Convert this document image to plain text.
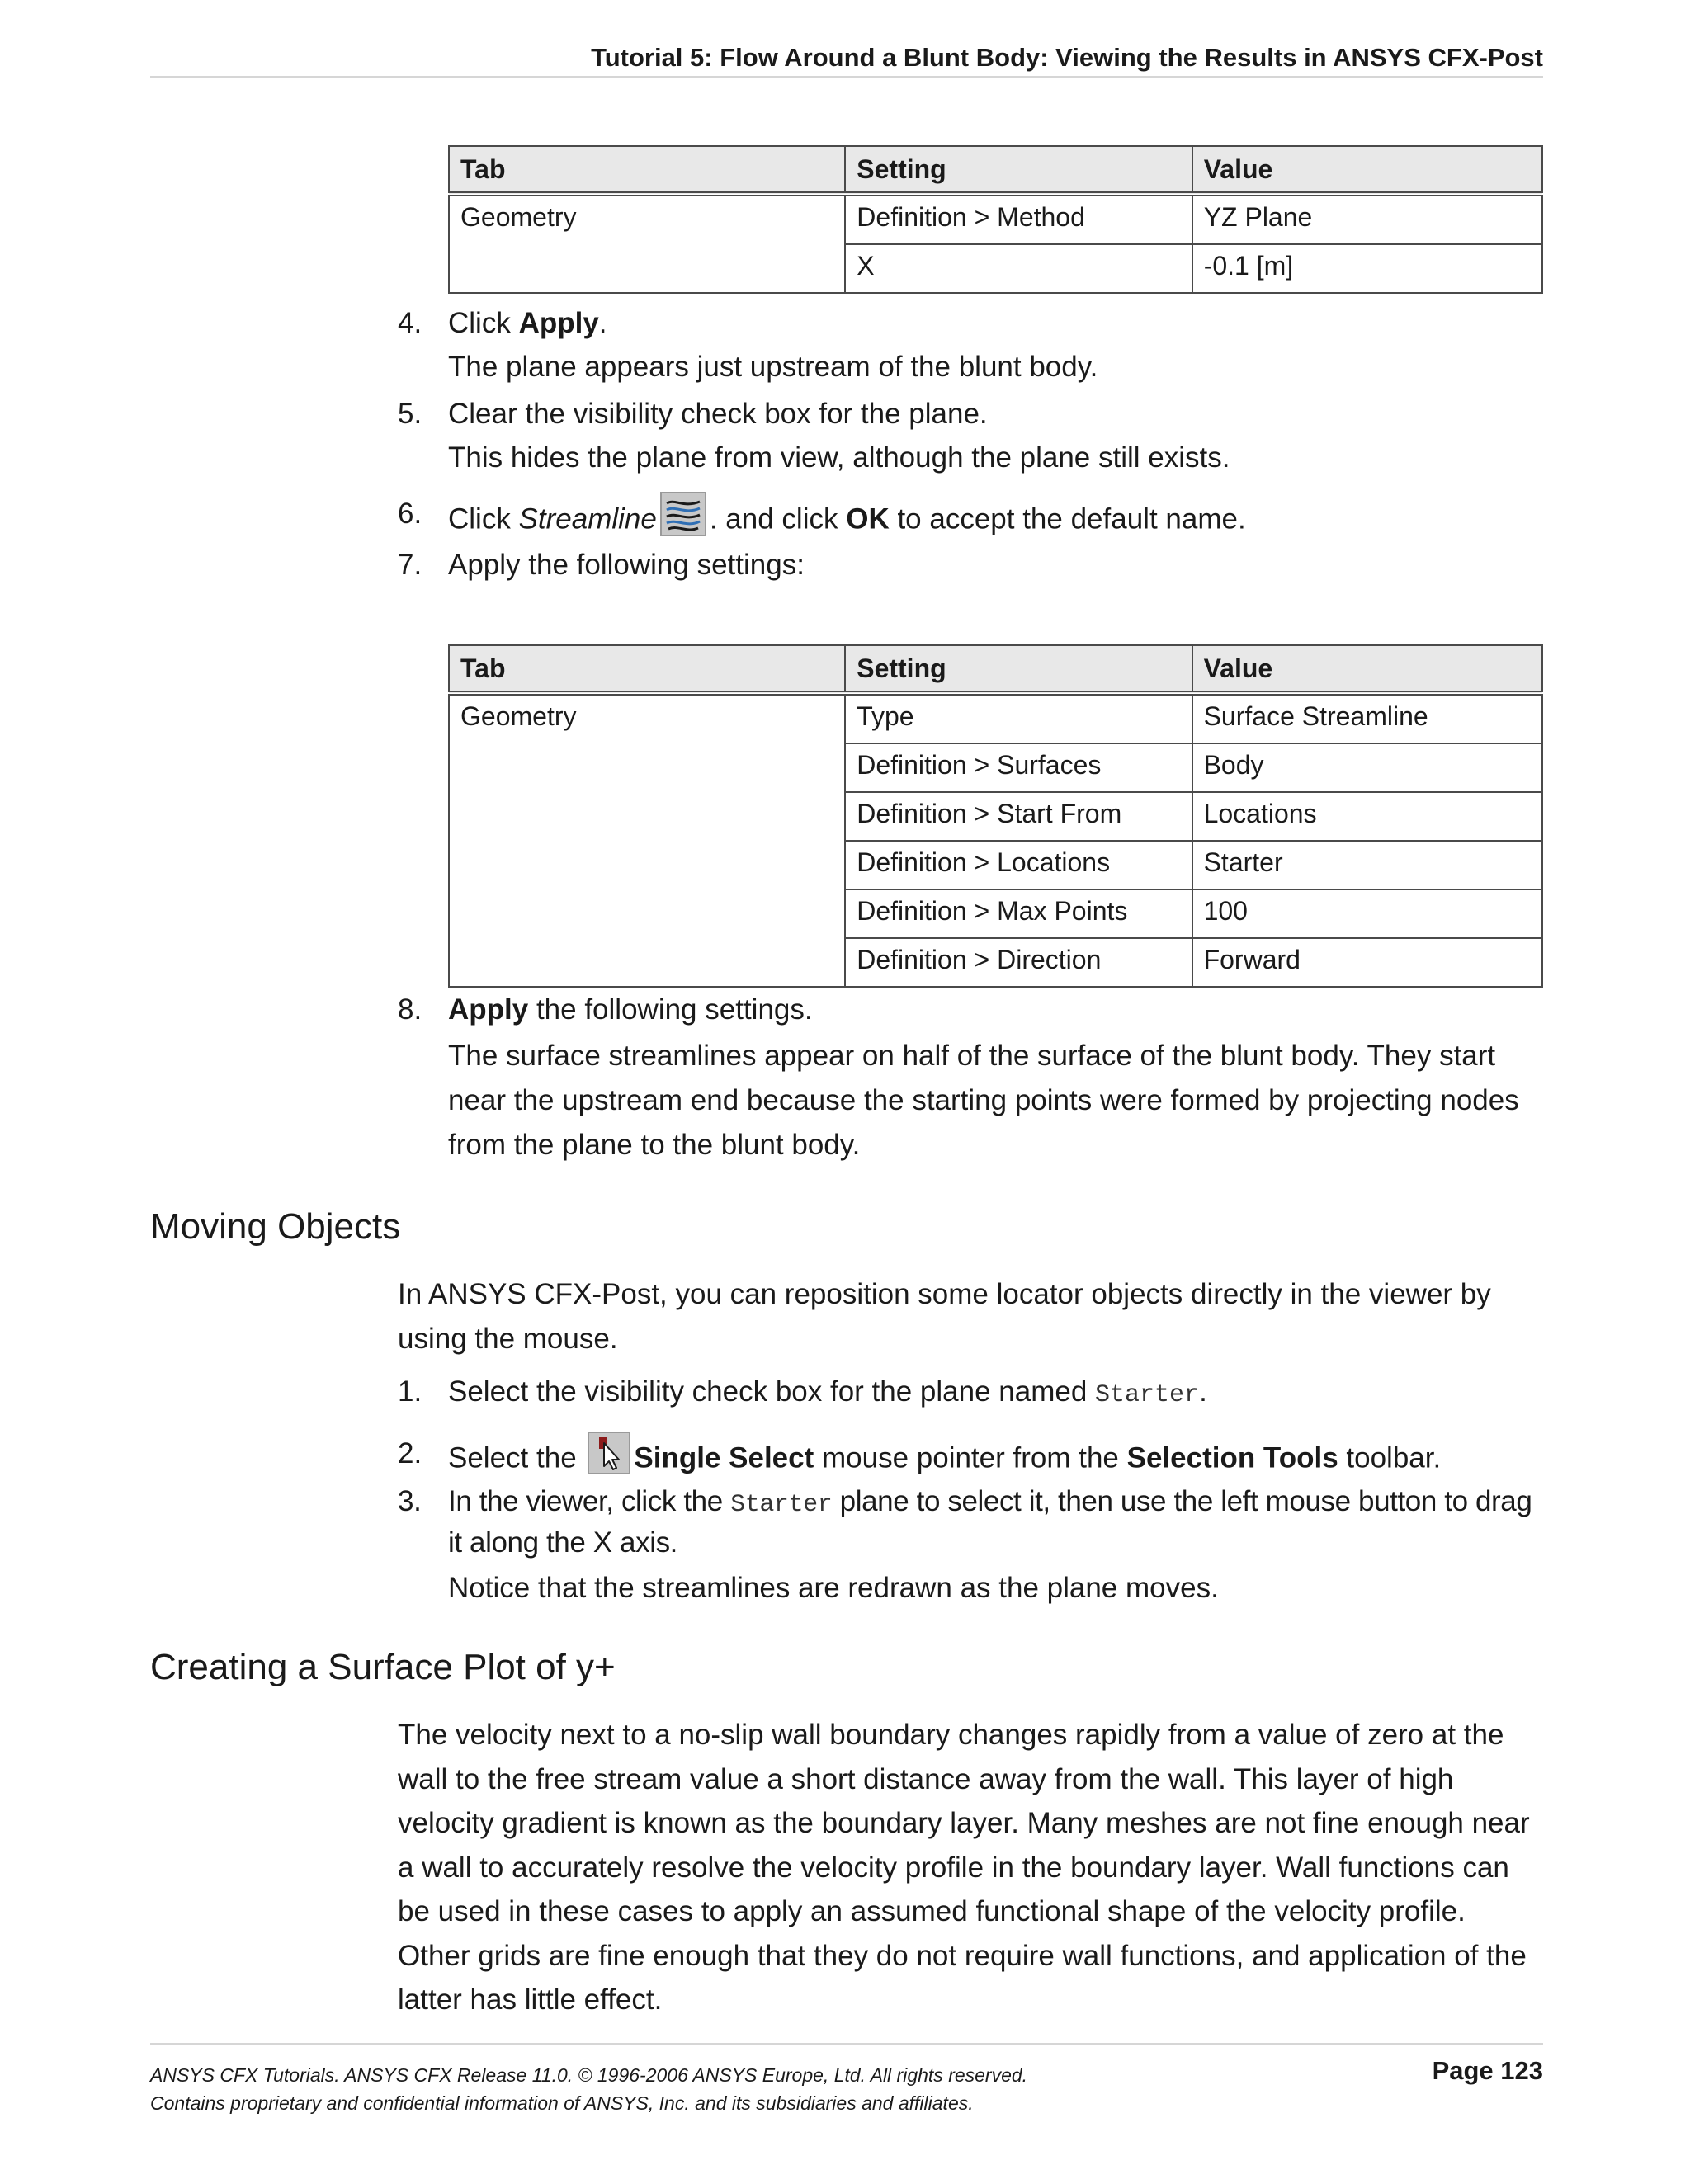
Tutorial 5: Flow Around a Blunt Body: Viewing the Results in ANSYS CFX-Post
Tab	Setting	Value
Geometry	Definition > Method	YZ Plane
	X	-0.1 [m]
4. Click Apply.
The plane appears just upstream of the blunt body.
5. Clear the visibility check box for the plane.
This hides the plane from view, although the plane still exists.
6. Click Streamline . and click OK to accept the default name.
7. Apply the following settings:
Tab	Setting	Value
Geometry	Type	Surface Streamline
	Definition > Surfaces	Body
	Definition > Start From	Locations
	Definition > Locations	Starter
	Definition > Max Points	100
	Definition > Direction	Forward
8. Apply the following settings.
The surface streamlines appear on half of the surface of the blunt body. They start near the upstream end because the starting points were formed by projecting nodes from the plane to the blunt body.
Moving Objects
In ANSYS CFX-Post, you can reposition some locator objects directly in the viewer by using the mouse.
1. Select the visibility check box for the plane named Starter.
2. Select the Single Select mouse pointer from the Selection Tools toolbar.
3. In the viewer, click the Starter plane to select it, then use the left mouse button to drag it along the X axis.
Notice that the streamlines are redrawn as the plane moves.
Creating a Surface Plot of y+
The velocity next to a no-slip wall boundary changes rapidly from a value of zero at the wall to the free stream value a short distance away from the wall. This layer of high velocity gradient is known as the boundary layer. Many meshes are not fine enough near a wall to accurately resolve the velocity profile in the boundary layer. Wall functions can be used in these cases to apply an assumed functional shape of the velocity profile. Other grids are fine enough that they do not require wall functions, and application of the latter has little effect.
ANSYS CFX Tutorials. ANSYS CFX Release 11.0. © 1996-2006 ANSYS Europe, Ltd. All rights reserved.
Contains proprietary and confidential information of ANSYS, Inc. and its subsidiaries and affiliates.
Page 123
